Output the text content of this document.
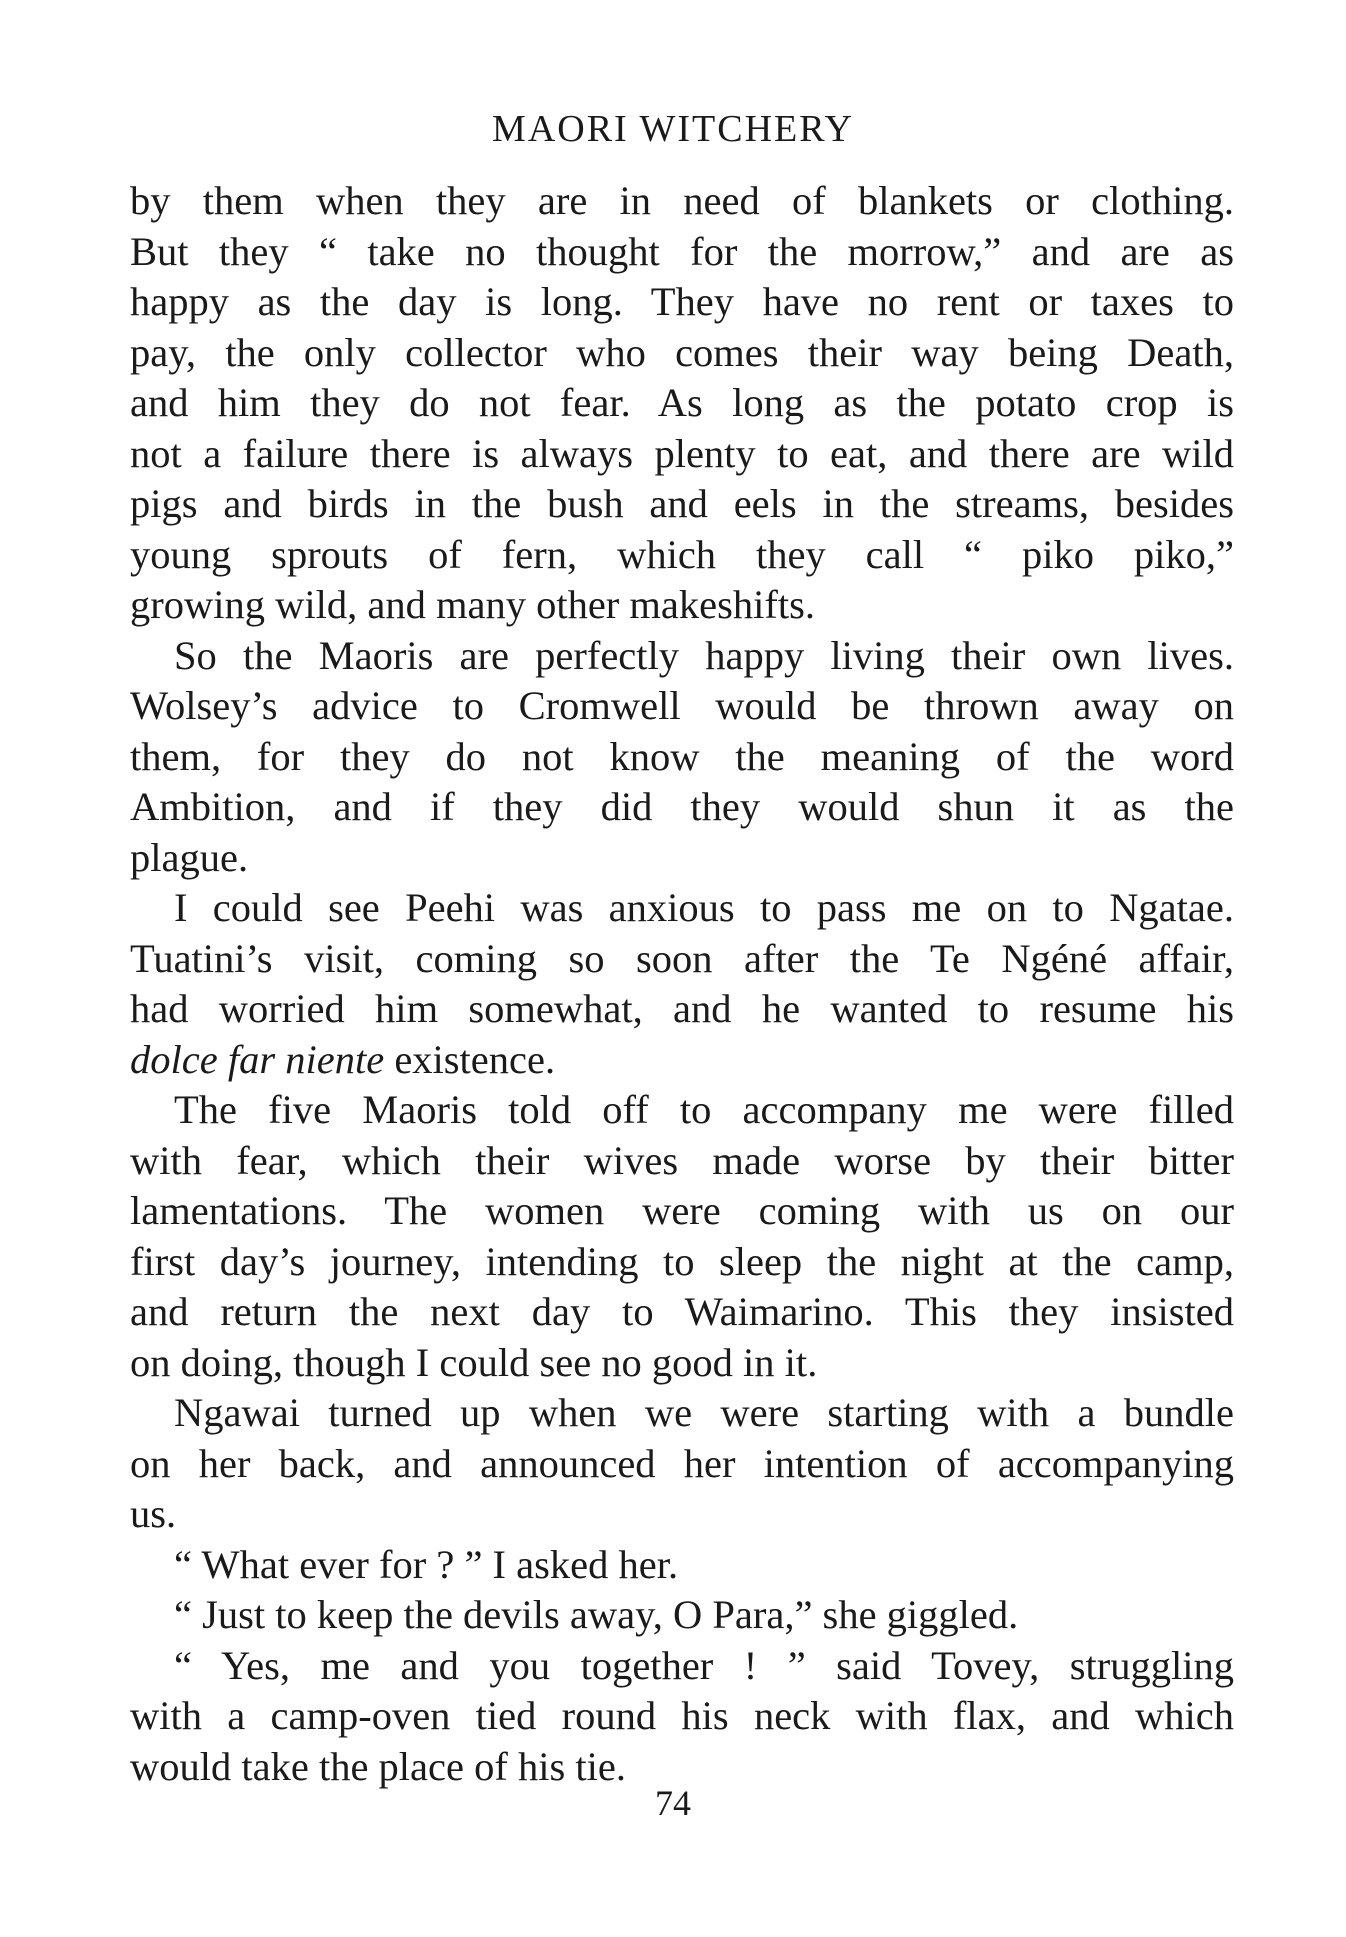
MAORI WITCHERY
by them when they are in need of blankets or clothing.
But they “ take no thought for the morrow,” and are as
happy as the day is long. They have no rent or taxes to
pay, the only collector who comes their way being Death,
and him they do not fear. As long as the potato crop is
not a failure there is always plenty to eat, and there are wild
pigs and birds in the bush and eels in the streams, besides
young sprouts of fern, which they call “ piko piko,”
growing wild, and many other makeshifts.
So the Maoris are perfectly happy living their own lives.
Wolsey’s advice to Cromwell would be thrown away on
them, for they do not know the meaning of the word
Ambition, and if they did they would shun it as the
plague.
I could see Peehi was anxious to pass me on to Ngatae.
Tuatini’s visit, coming so soon after the Te Ngéné affair,
had worried him somewhat, and he wanted to resume his
dolce far niente existence.
The five Maoris told off to accompany me were filled
with fear, which their wives made worse by their bitter
lamentations. The women were coming with us on our
first day’s journey, intending to sleep the night at the camp,
and return the next day to Waimarino. This they insisted
on doing, though I could see no good in it.
Ngawai turned up when we were starting with a bundle
on her back, and announced her intention of accompanying
us.
“ What ever for ? ” I asked her.
“ Just to keep the devils away, O Para,” she giggled.
“ Yes, me and you together ! ” said Tovey, struggling
with a camp-oven tied round his neck with flax, and which
would take the place of his tie.
74
